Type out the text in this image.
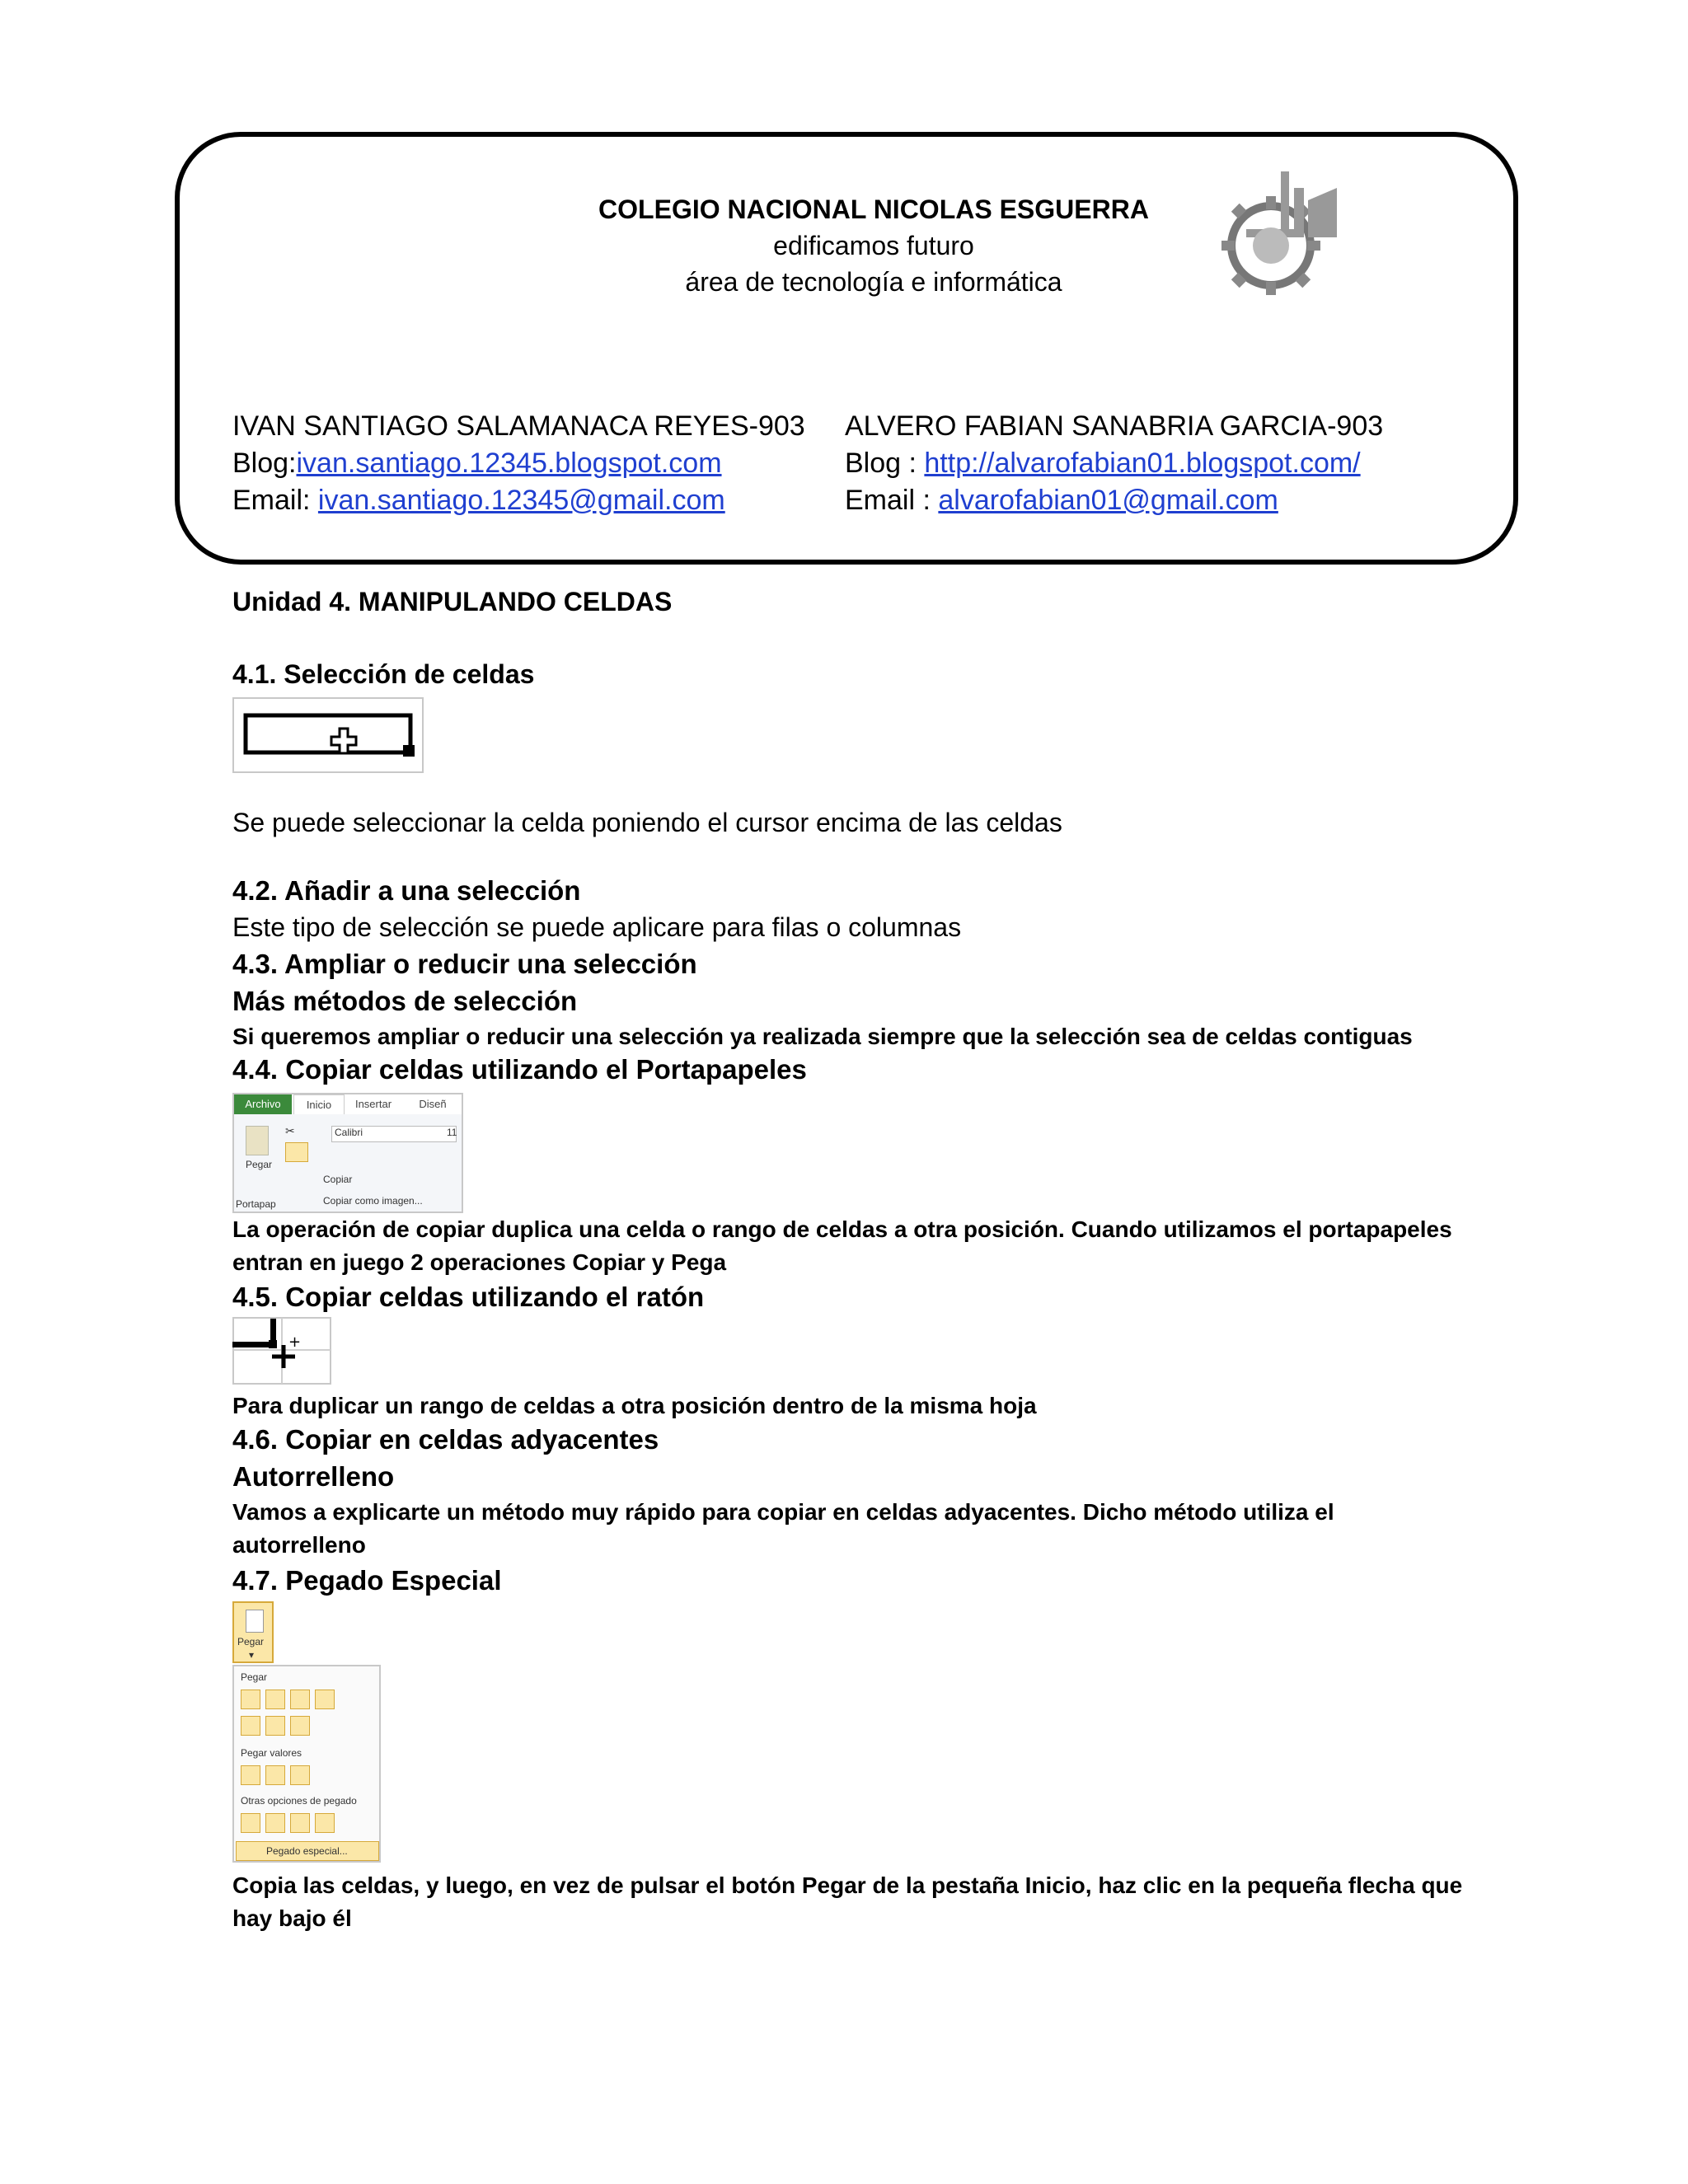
COLEGIO NACIONAL NICOLAS ESGUERRA
edificamos futuro
área de tecnología e informática
IVAN SANTIAGO SALAMANACA REYES-903
Blog:ivan.santiago.12345.blogspot.com
Email: ivan.santiago.12345@gmail.com
ALVERO FABIAN SANABRIA GARCIA-903
Blog : http://alvarofabian01.blogspot.com/
Email : alvarofabian01@gmail.com
Unidad 4. MANIPULANDO CELDAS
4.1. Selección de celdas
Se puede seleccionar la celda poniendo el cursor encima de las celdas
4.2. Añadir a una selección
Este tipo de selección se puede aplicare para filas o columnas
4.3. Ampliar o reducir una selección
Más métodos de selección
Si queremos ampliar o reducir una selección ya realizada siempre que la selección sea de celdas contiguas
4.4. Copiar celdas utilizando el Portapapeles
Archivo	Inicio	Insertar	Diseñ
Pegar
Portapap
✂	Calibri	11
Copiar
Copiar como imagen...
La operación de copiar duplica una celda o rango de celdas a otra posición. Cuando utilizamos el portapapeles entran en juego 2 operaciones Copiar y Pega
4.5. Copiar celdas utilizando el ratón
+
Para duplicar un rango de celdas a otra posición dentro de la misma hoja
4.6. Copiar en celdas adyacentes
Autorrelleno
Vamos a explicarte un método muy rápido para copiar en celdas adyacentes. Dicho método utiliza el autorrelleno
4.7. Pegado Especial
Pegar
▾
Pegar
Pegar valores
Otras opciones de pegado
Pegado especial...
Copia las celdas, y luego, en vez de pulsar el botón Pegar de la pestaña Inicio, haz clic en la pequeña flecha que hay bajo él
